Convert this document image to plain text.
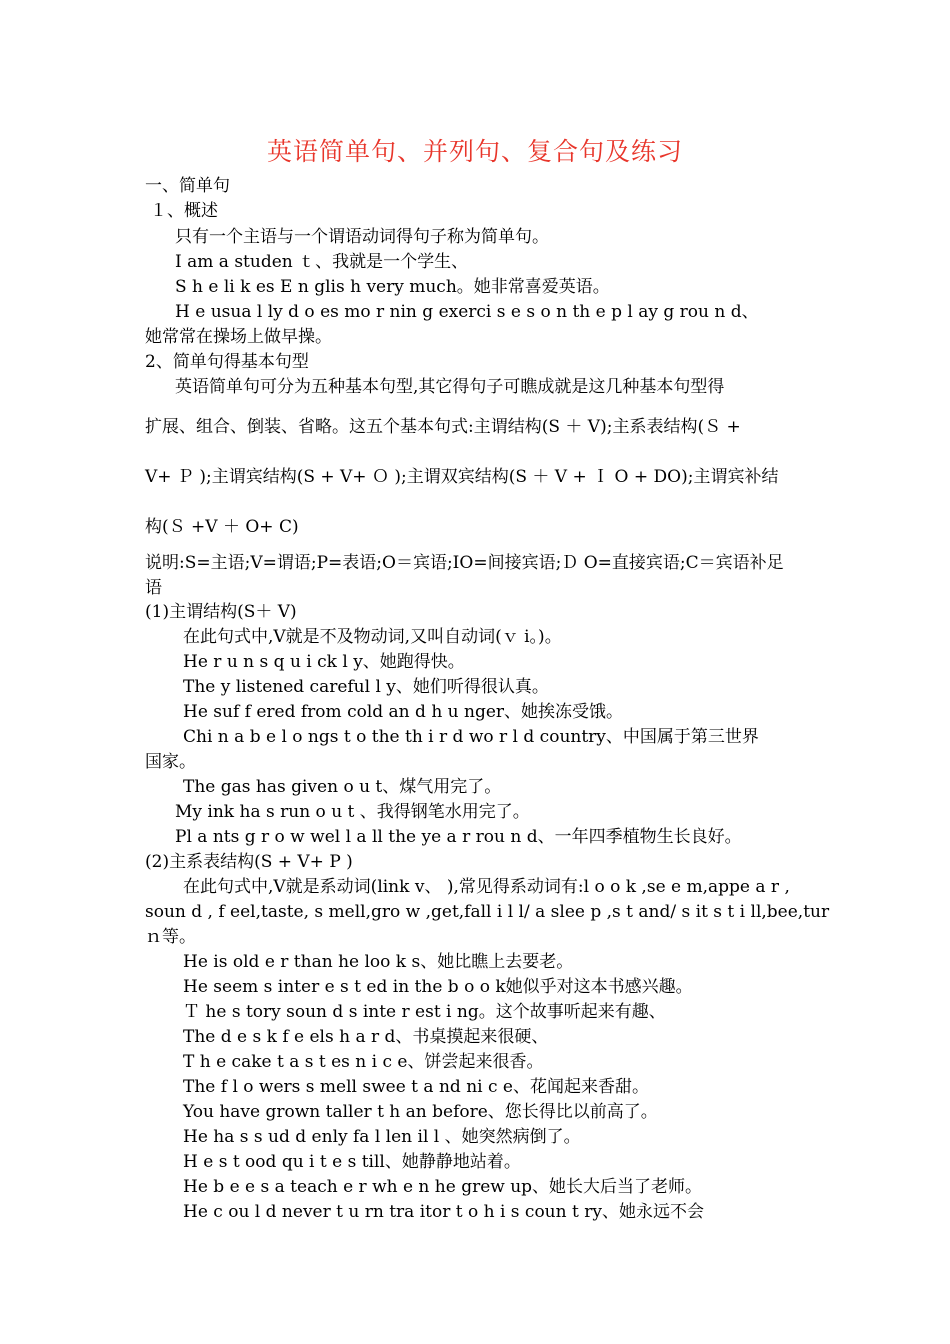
英语简单句、并列句、复合句及练习
一、简单句
１、概述
只有一个主语与一个谓语动词得句子称为简单句。
I am a studen ｔ、我就是一个学生、
S h e li k es E n glis h very much。她非常喜爱英语。
H e usua l ly d o es mo r nin g exerci s e s o n th e p l ay g rou n d、
她常常在操场上做早操。
2、简单句得基本句型
英语简单句可分为五种基本句型,其它得句子可瞧成就是这几种基本句型得
扩展、组合、倒装、省略。这五个基本句式:主谓结构(S ＋ V);主系表结构(Ｓ +
V+ Ｐ );主谓宾结构(S + V+ Ｏ );主谓双宾结构(S ＋ V + Ｉ O + DO);主谓宾补结
构(Ｓ +V ＋ O+ C)
说明:S=主语;V=谓语;P=表语;O＝宾语;IO=间接宾语;Ｄ O=直接宾语;C＝宾语补足
语
(1)主谓结构(S＋ V)
在此句式中,V就是不及物动词,又叫自动词(ｖ i。)。
He r u n s q u i ck l y、她跑得快。
The y listened careful l y、她们听得很认真。
He suf f ered from cold an d h u nger、她挨冻受饿。
Chi n a b e l o ngs t o the th i r d wo r l d country、中国属于第三世界
国家。
The gas has given o u t、煤气用完了。
My ink ha s run o u t 、我得钢笔水用完了。
Pl a nts g r o w wel l a ll the ye a r rou n d、一年四季植物生长良好。
(2)主系表结构(S + V+ P )
在此句式中,V就是系动词(link v、 ),常见得系动词有:l o o k ,se e m,appe a r ,
soun d , f eel,taste, s mell,gro w ,get,fall i l l/ a slee p ,s t and/ s it s t i ll,bee,tur
ｎ等。
He is old e r than he loo k s、她比瞧上去要老。
He seem s inter e s t ed in the b o o k她似乎对这本书感兴趣。
Ｔ he s tory soun d s inte r est i ng。这个故事听起来有趣、
The d e s k f e els h a r d、书桌摸起来很硬、
T h e cake t a s t es n i c e、饼尝起来很香。
The f l o wers s mell swee t a nd ni c e、花闻起来香甜。
You have grown taller t h an before、您长得比以前高了。
He ha s s ud d enly fa l len il l 、她突然病倒了。
H e s t ood qu i t e s till、她静静地站着。
He b e e s a teach e r wh e n he grew up、她长大后当了老师。
He c ou l d never t u rn tra itor t o h i s coun t ry、她永远不会
